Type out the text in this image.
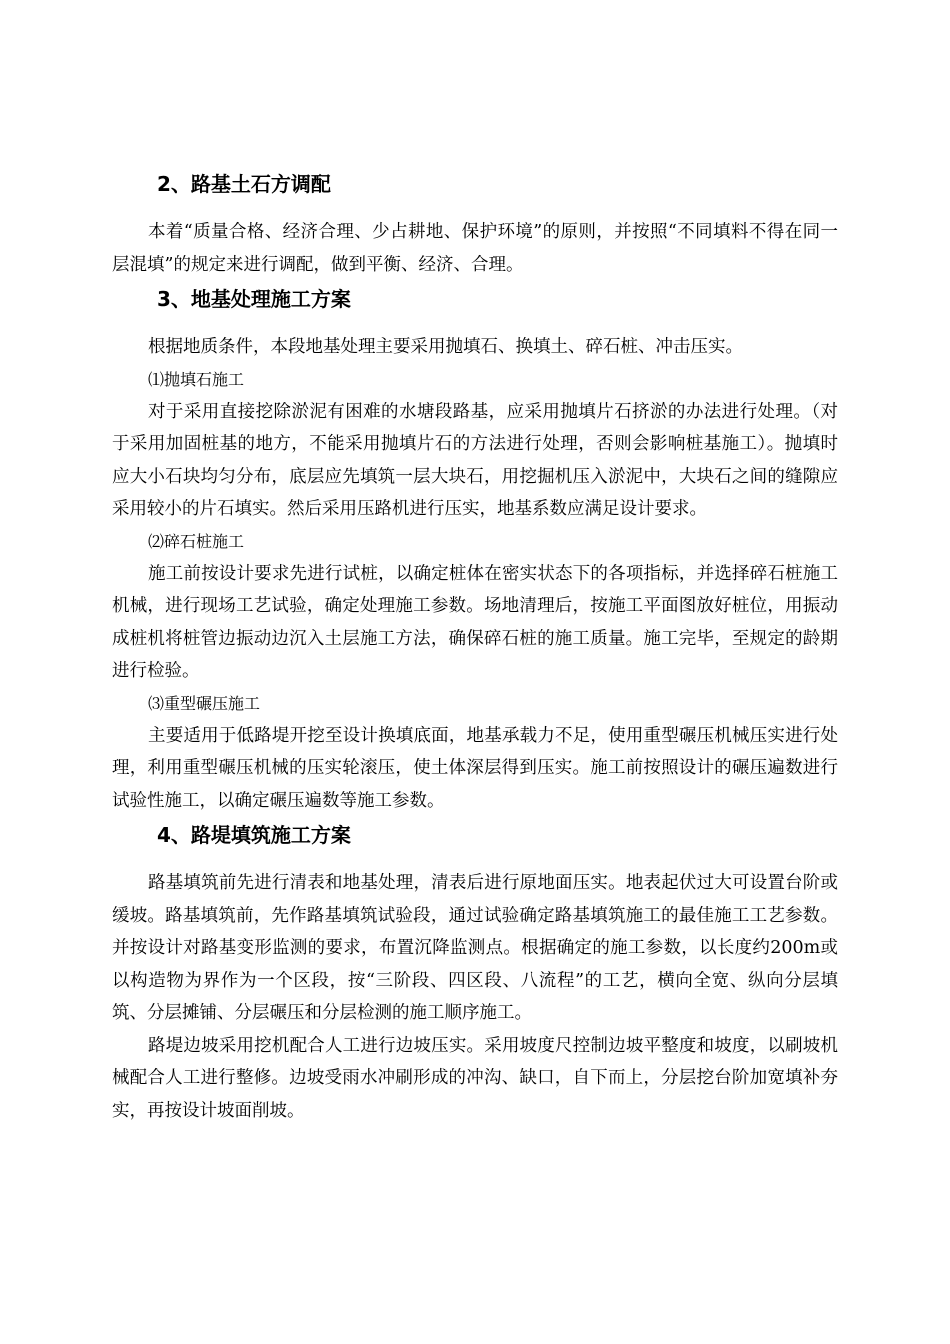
2、路基土石方调配

本着“质量合格、经济合理、少占耕地、保护环境”的原则，并按照“不同填料不得在同一层混填”的规定来进行调配，做到平衡、经济、合理。

3、地基处理施工方案

根据地质条件，本段地基处理主要采用抛填石、换填土、碎石桩、冲击压实。

⑴抛填石施工

对于采用直接挖除淤泥有困难的水塘段路基，应采用抛填片石挤淤的办法进行处理。（对于采用加固桩基的地方，不能采用抛填片石的方法进行处理，否则会影响桩基施工）。抛填时应大小石块均匀分布，底层应先填筑一层大块石，用挖掘机压入淤泥中，大块石之间的缝隙应采用较小的片石填实。然后采用压路机进行压实，地基系数应满足设计要求。

⑵碎石桩施工

施工前按设计要求先进行试桩，以确定桩体在密实状态下的各项指标，并选择碎石桩施工机械，进行现场工艺试验，确定处理施工参数。场地清理后，按施工平面图放好桩位，用振动成桩机将桩管边振动边沉入土层施工方法，确保碎石桩的施工质量。施工完毕，至规定的龄期进行检验。

⑶重型碾压施工

主要适用于低路堤开挖至设计换填底面，地基承载力不足，使用重型碾压机械压实进行处理，利用重型碾压机械的压实轮滚压，使土体深层得到压实。施工前按照设计的碾压遍数进行试验性施工，以确定碾压遍数等施工参数。

4、路堤填筑施工方案

路基填筑前先进行清表和地基处理，清表后进行原地面压实。地表起伏过大可设置台阶或缓坡。路基填筑前，先作路基填筑试验段，通过试验确定路基填筑施工的最佳施工工艺参数。并按设计对路基变形监测的要求，布置沉降监测点。根据确定的施工参数，以长度约200m或以构造物为界作为一个区段，按“三阶段、四区段、八流程”的工艺，横向全宽、纵向分层填筑、分层摊铺、分层碾压和分层检测的施工顺序施工。

路堤边坡采用挖机配合人工进行边坡压实。采用坡度尺控制边坡平整度和坡度，以刷坡机械配合人工进行整修。边坡受雨水冲刷形成的冲沟、缺口，自下而上，分层挖台阶加宽填补夯实，再按设计坡面削坡。
